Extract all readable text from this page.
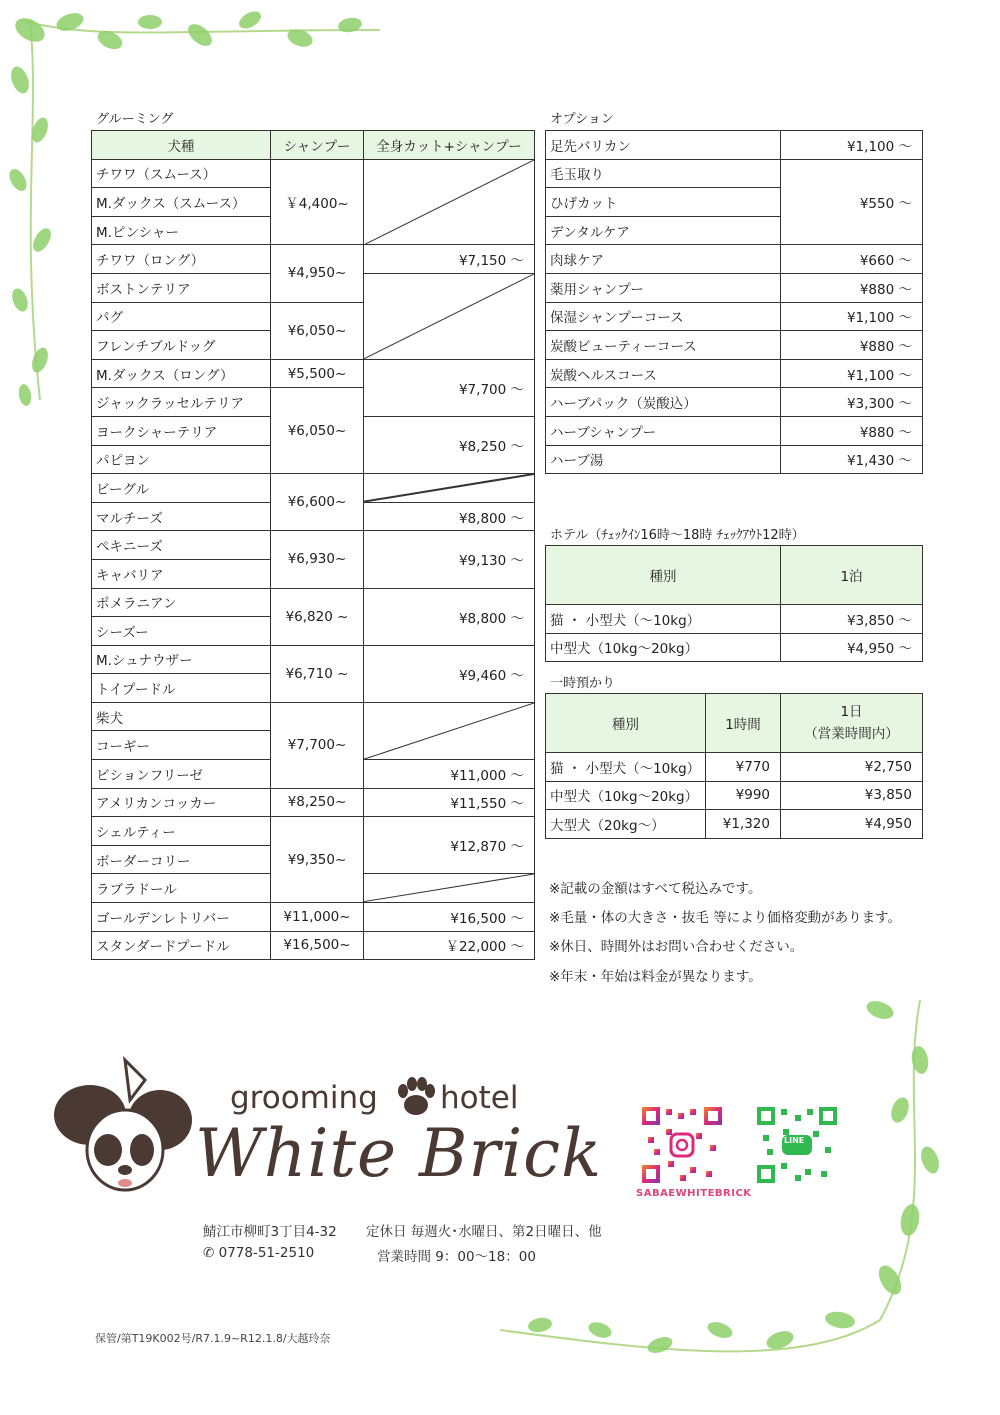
グルーミング
犬種	シャンプー	全身カット+シャンプー
チワワ（スムース）	￥4,400~	

M.ダックス（スムース）		
M.ピンシャー		
チワワ（ロング）	¥4,950~	¥7,150 ～
ボストンテリア	

パグ	¥6,050~	
フレンチブルドッグ		
M.ダックス（ロング）	¥5,500~	¥7,700 ～
ジャックラッセルテリア	¥6,050~	
ヨークシャーテリア		¥8,250 ～
パピヨン		
ビーグル	¥6,600~	

マルチーズ		¥8,800 ～
ペキニーズ	¥6,930~	¥9,130 ～
キャバリア		
ポメラニアン	¥6,820 ~	¥8,800 ～
シーズー		
M.シュナウザー	¥6,710 ~	¥9,460 ～
トイプードル		
柴犬	¥7,700~	

コーギー		
ビションフリーゼ		¥11,000 ～
アメリカンコッカー	¥8,250~	¥11,550 ～
シェルティー	¥9,350~	¥12,870 ～
ボーダーコリー		
ラブラドール	

ゴールデンレトリバー	¥11,000~	¥16,500 ～
スタンダードプードル	¥16,500~	￥22,000 ～
オプション
足先バリカン	¥1,100 ～
毛玉取り	¥550 ～
ひげカット	
デンタルケア	
肉球ケア	¥660 ～
薬用シャンプー	¥880 ～
保湿シャンプーコース	¥1,100 ～
炭酸ビューティーコース	¥880 ～
炭酸ヘルスコース	¥1,100 ～
ハーブパック（炭酸込）	¥3,300 ～
ハーブシャンプー	¥880 ～
ハーブ湯	¥1,430 ～
ホテル（ﾁｪｯｸｲﾝ16時～18時 ﾁｪｯｸｱｳﾄ12時）
種別	1泊
猫 ・ 小型犬（～10kg）	¥3,850 ～
中型犬（10kg～20kg）	¥4,950 ～
一時預かり
種別	1時間	1日
（営業時間内）

猫 ・ 小型犬（～10kg）	¥770	¥2,750
中型犬（10kg～20kg）	¥990	¥3,850
大型犬（20kg～）	¥1,320	¥4,950
※記載の金額はすべて税込みです。
※毛量・体の大きさ・抜毛 等により価格変動があります。
※休日、時間外はお問い合わせください。
※年末・年始は料金が異なります。
grooming hotel
White Brick
鯖江市柳町3丁目4-32 定休日 毎週火･水曜日、第2日曜日、他
✆ 0778-51-2510	営業時間 9：00～18：00
SABAEWHITEBRICK
LINE
保管/第T19K002号/R7.1.9~R12.1.8/大越玲奈
